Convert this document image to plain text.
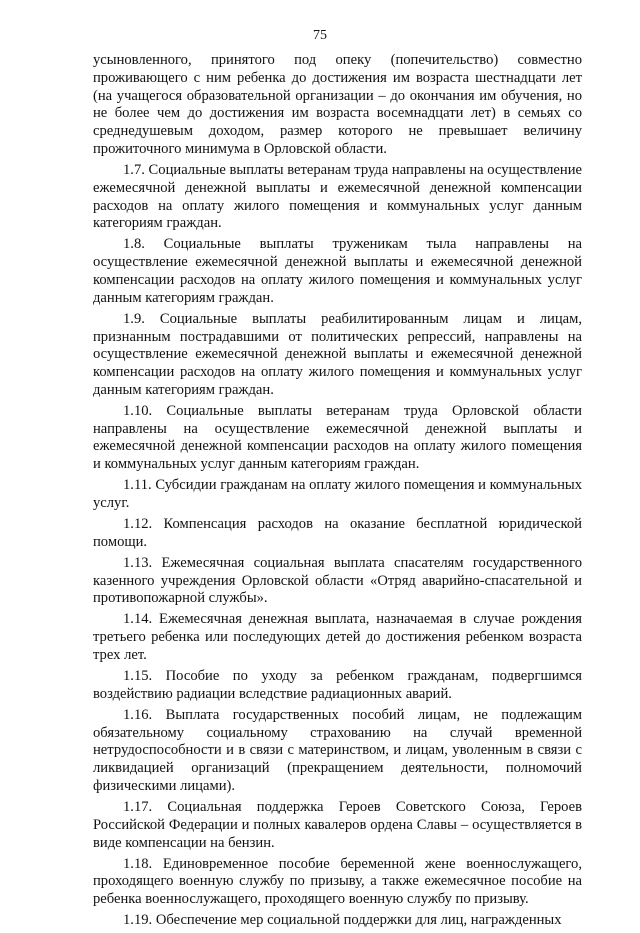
75

усыновленного, принятого под опеку (попечительство) совместно проживающего с ним ребенка до достижения им возраста шестнадцати лет (на учащегося образовательной организации – до окончания им обучения, но не более чем до достижения им возраста восемнадцати лет) в семьях со среднедушевым доходом, размер которого не превышает величину прожиточного минимума в Орловской области.

1.7. Социальные выплаты ветеранам труда направлены на осуществление ежемесячной денежной выплаты и ежемесячной денежной компенсации расходов на оплату жилого помещения и коммунальных услуг данным категориям граждан.

1.8. Социальные выплаты труженикам тыла направлены на осуществление ежемесячной денежной выплаты и ежемесячной денежной компенсации расходов на оплату жилого помещения и коммунальных услуг данным категориям граждан.

1.9. Социальные выплаты реабилитированным лицам и лицам, признанным пострадавшими от политических репрессий, направлены на осуществление ежемесячной денежной выплаты и ежемесячной денежной компенсации расходов на оплату жилого помещения и коммунальных услуг данным категориям граждан.

1.10. Социальные выплаты ветеранам труда Орловской области направлены на осуществление ежемесячной денежной выплаты и ежемесячной денежной компенсации расходов на оплату жилого помещения и коммунальных услуг данным категориям граждан.

1.11. Субсидии гражданам на оплату жилого помещения и коммунальных услуг.

1.12. Компенсация расходов на оказание бесплатной юридической помощи.

1.13. Ежемесячная социальная выплата спасателям государственного казенного учреждения Орловской области «Отряд аварийно-спасательной и противопожарной службы».

1.14. Ежемесячная денежная выплата, назначаемая в случае рождения третьего ребенка или последующих детей до достижения ребенком возраста трех лет.

1.15. Пособие по уходу за ребенком гражданам, подвергшимся воздействию радиации вследствие радиационных аварий.

1.16. Выплата государственных пособий лицам, не подлежащим обязательному социальному страхованию на случай временной нетрудоспособности и в связи с материнством, и лицам, уволенным в связи с ликвидацией организаций (прекращением деятельности, полномочий физическими лицами).

1.17. Социальная поддержка Героев Советского Союза, Героев Российской Федерации и полных кавалеров ордена Славы – осуществляется в виде компенсации на бензин.

1.18. Единовременное пособие беременной жене военнослужащего, проходящего военную службу по призыву, а также ежемесячное пособие на ребенка военнослужащего, проходящего военную службу по призыву.

1.19. Обеспечение мер социальной поддержки для лиц, награжденных
